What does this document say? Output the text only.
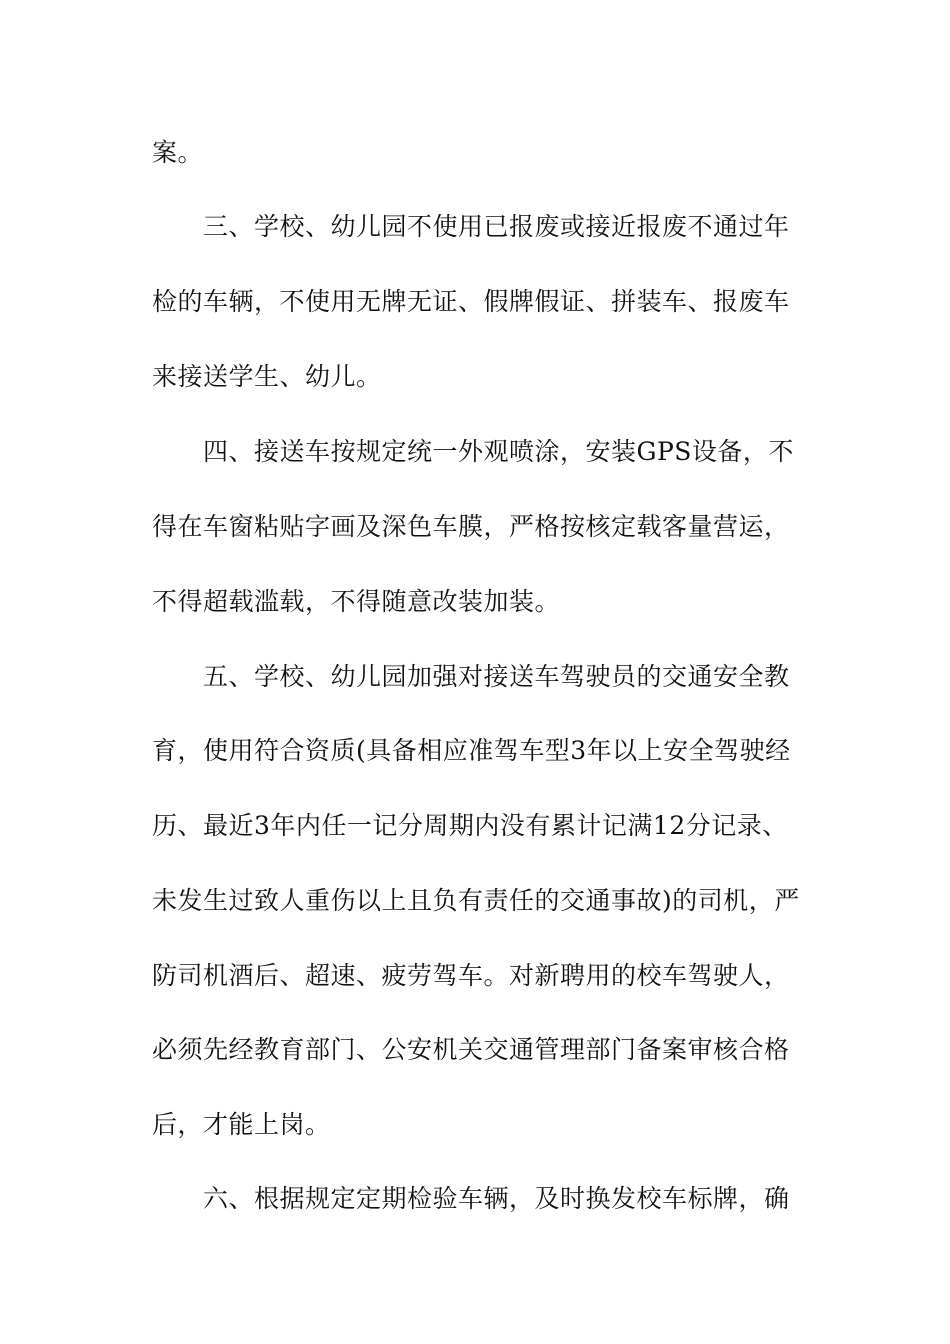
案。
三、学校、幼儿园不使用已报废或接近报废不通过年
检的车辆，不使用无牌无证、假牌假证、拼装车、报废车
来接送学生、幼儿。
四、接送车按规定统一外观喷涂，安装GPS设备，不
得在车窗粘贴字画及深色车膜，严格按核定载客量营运，
不得超载滥载，不得随意改装加装。
五、学校、幼儿园加强对接送车驾驶员的交通安全教
育，使用符合资质(具备相应准驾车型3年以上安全驾驶经
历、最近3年内任一记分周期内没有累计记满12分记录、
未发生过致人重伤以上且负有责任的交通事故)的司机，严
防司机酒后、超速、疲劳驾车。对新聘用的校车驾驶人，
必须先经教育部门、公安机关交通管理部门备案审核合格
后，才能上岗。
六、根据规定定期检验车辆，及时换发校车标牌，确
